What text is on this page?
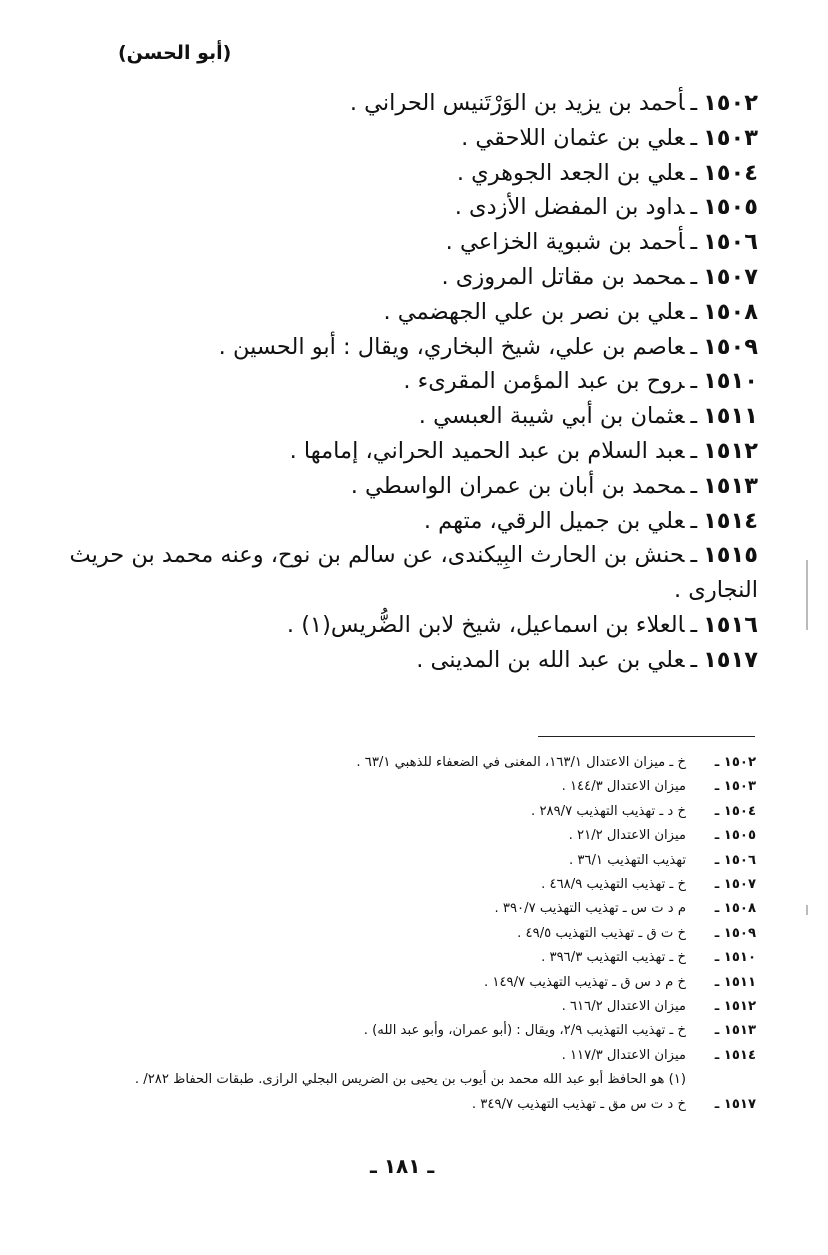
(أبو الحسن)
١٥٠٢ـأحمد بن يزيد بن الوَرْتَنيس الحراني .
١٥٠٣ـعلي بن عثمان اللاحقي .
١٥٠٤ـعلي بن الجعد الجوهري .
١٥٠٥ـداود بن المفضل الأزدى .
١٥٠٦ـأحمد بن شبوية الخزاعي .
١٥٠٧ـمحمد بن مقاتل المروزى .
١٥٠٨ـعلي بن نصر بن علي الجهضمي .
١٥٠٩ـعاصم بن علي، شيخ البخاري، ويقال : أبو الحسين .
١٥١٠ـروح بن عبد المؤمن المقرىء .
١٥١١ـعثمان بن أبي شيبة العبسي .
١٥١٢ـعبد السلام بن عبد الحميد الحراني، إمامها .
١٥١٣ـمحمد بن أبان بن عمران الواسطي .
١٥١٤ـعلي بن جميل الرقي، متهم .
١٥١٥ـحنش بن الحارث البِيكندى، عن سالم بن نوح، وعنه محمد بن حريث النجارى .
١٥١٦ـالعلاء بن اسماعيل، شيخ لابن الضُّريس(١) .
١٥١٧ـعلي بن عبد الله بن المدينى .
١٥٠٢ ـ
خ ـ ميزان الاعتدال ١٦٣/١، المغنى في الضعفاء للذهبي ٦٣/١ .
١٥٠٣ ـ
ميزان الاعتدال ١٤٤/٣ .
١٥٠٤ ـ
خ د ـ تهذيب التهذيب ٢٨٩/٧ .
١٥٠٥ ـ
ميزان الاعتدال ٢١/٢ .
١٥٠٦ ـ
تهذيب التهذيب ٣٦/١ .
١٥٠٧ ـ
خ ـ تهذيب التهذيب ٤٦٨/٩ .
١٥٠٨ ـ
م د ت س ـ تهذيب التهذيب ٣٩٠/٧ .
١٥٠٩ ـ
خ ت ق ـ تهذيب التهذيب ٤٩/٥ .
١٥١٠ ـ
خ ـ تهذيب التهذيب ٣٩٦/٣ .
١٥١١ ـ
خ م د س ق ـ تهذيب التهذيب ١٤٩/٧ .
١٥١٢ ـ
ميزان الاعتدال ٦١٦/٢ .
١٥١٣ ـ
خ ـ تهذيب التهذيب ٢/٩، ويقال : (أبو عمران، وأبو عبد الله) .
١٥١٤ ـ
ميزان الاعتدال ١١٧/٣ .
(١) هو الحافظ أبو عبد الله محمد بن أيوب بن يحيى بن الضريس البجلي الرازى. طبقات الحفاظ ٢٨٢/ .
١٥١٧ ـ
خ د ت س مق ـ تهذيب التهذيب ٣٤٩/٧ .
ـ ١٨١ ـ
